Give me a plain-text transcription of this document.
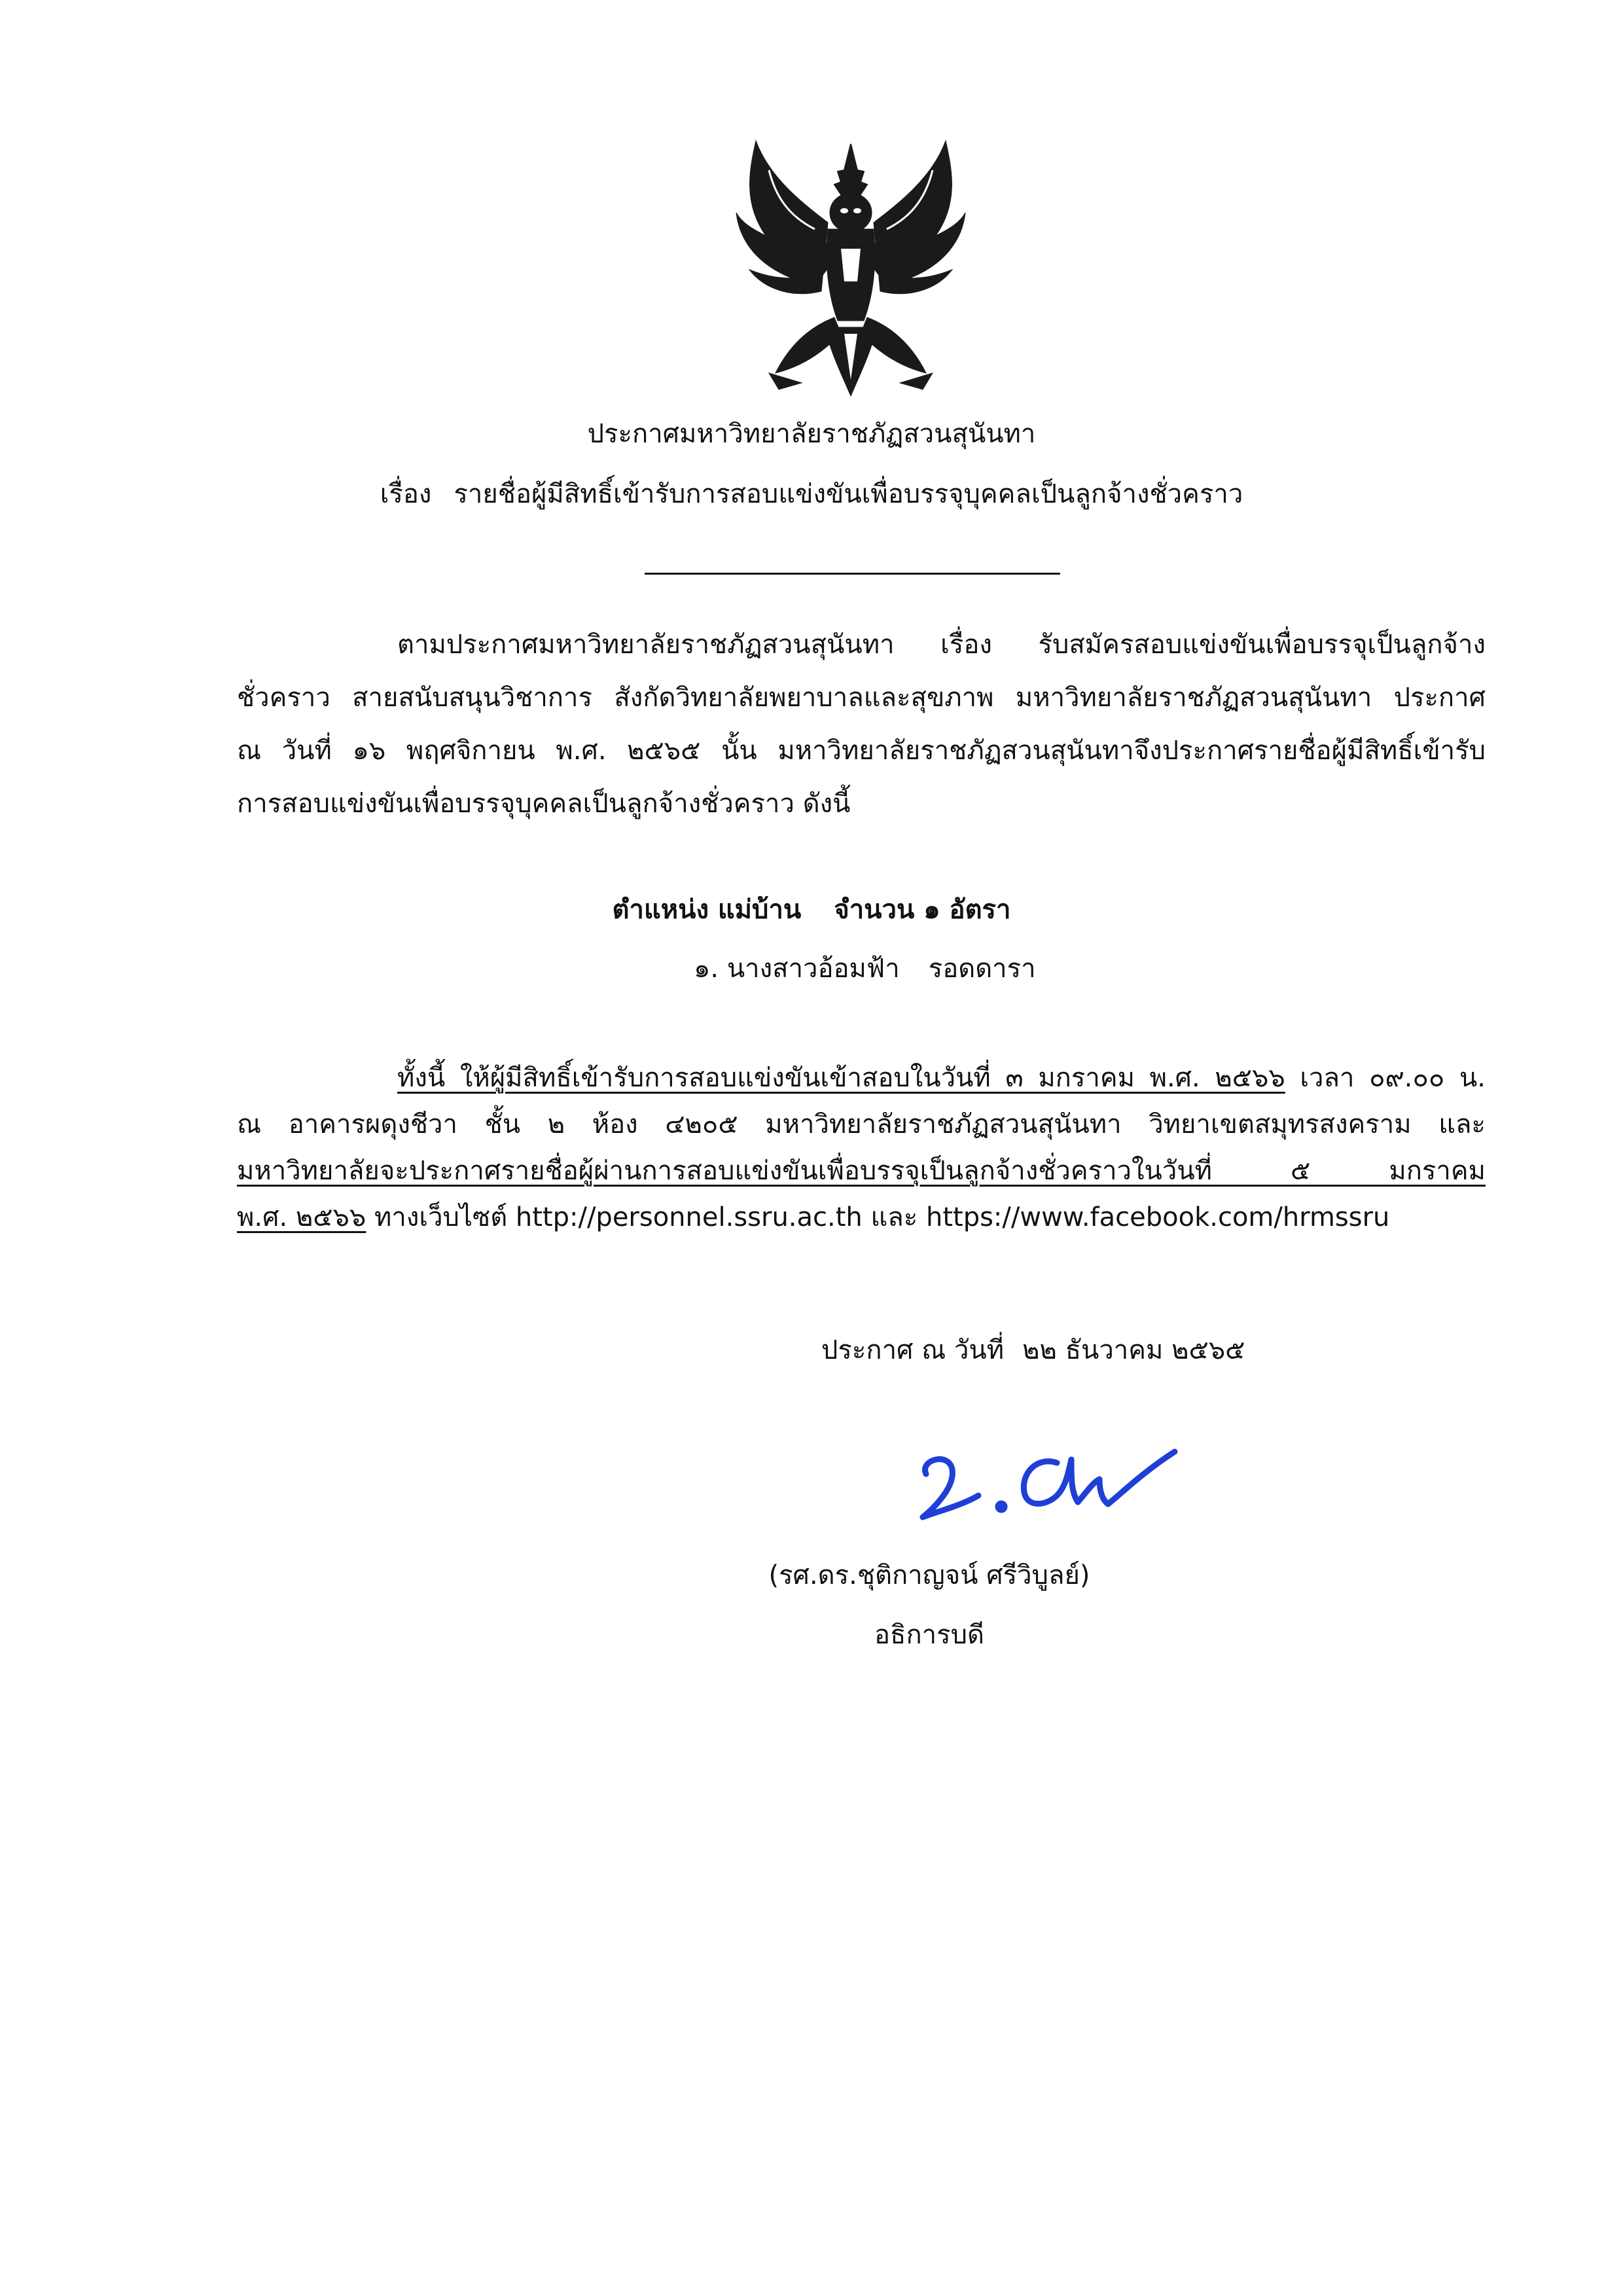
ประกาศมหาวิทยาลัยราชภัฏสวนสุนันทา
เรื่อง รายชื่อผู้มีสิทธิ์เข้ารับการสอบแข่งขันเพื่อบรรจุบุคคลเป็นลูกจ้างชั่วคราว
ตามประกาศมหาวิทยาลัยราชภัฏสวนสุนันทา เรื่อง รับสมัครสอบแข่งขันเพื่อบรรจุเป็นลูกจ้าง
ชั่วคราว สายสนับสนุนวิชาการ สังกัดวิทยาลัยพยาบาลและสุขภาพ มหาวิทยาลัยราชภัฏสวนสุนันทา ประกาศ
ณ วันที่ ๑๖ พฤศจิกายน พ.ศ. ๒๕๖๕ นั้น มหาวิทยาลัยราชภัฏสวนสุนันทาจึงประกาศรายชื่อผู้มีสิทธิ์เข้ารับ
การสอบแข่งขันเพื่อบรรจุบุคคลเป็นลูกจ้างชั่วคราว ดังนี้
ตำแหน่ง แม่บ้าน จำนวน ๑ อัตรา
๑. นางสาวอ้อมฟ้า รอดดารา
ทั้งนี้ ให้ผู้มีสิทธิ์เข้ารับการสอบแข่งขันเข้าสอบในวันที่ ๓ มกราคม พ.ศ. ๒๕๖๖ เวลา ๐๙.๐๐ น.
ณ อาคารผดุงชีวา ชั้น ๒ ห้อง ๔๒๐๕ มหาวิทยาลัยราชภัฏสวนสุนันทา วิทยาเขตสมุทรสงคราม และ
มหาวิทยาลัยจะประกาศรายชื่อผู้ผ่านการสอบแข่งขันเพื่อบรรจุเป็นลูกจ้างชั่วคราวในวันที่ ๕ มกราคม
พ.ศ. ๒๕๖๖ ทางเว็บไซต์ http://personnel.ssru.ac.th และ https://www.facebook.com/hrmssru
ประกาศ ณ วันที่ ๒๒ ธันวาคม ๒๕๖๕
(รศ.ดร.ชุติกาญจน์ ศรีวิบูลย์)
อธิการบดี
